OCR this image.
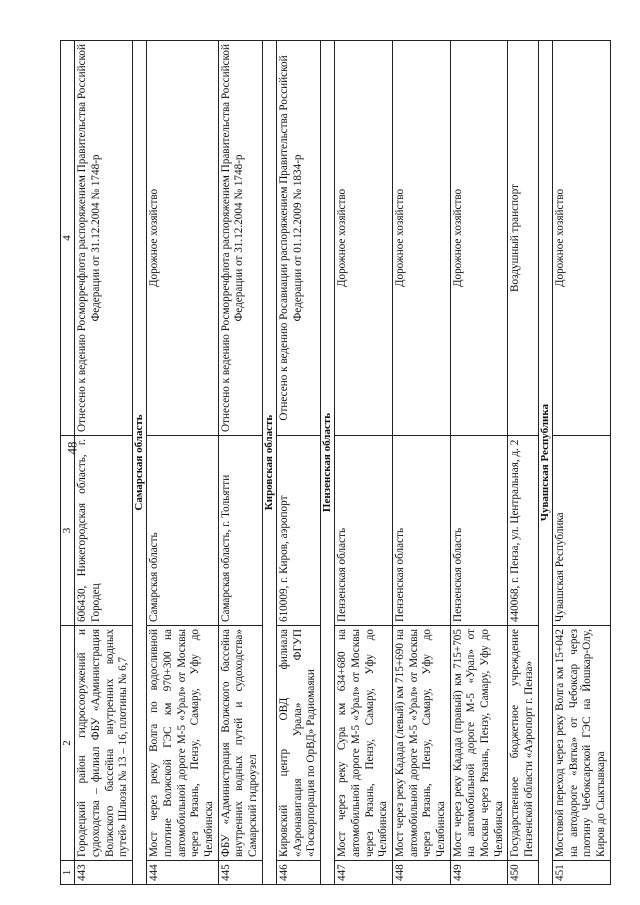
48
1	2	3	4
443	Городецкий район гидросооружений и судоходства – филиал ФБУ «Администрация Волжского бассейна внутренних водных путей» Шлюзы № 13 – 16, плотины № 6,7	606430, Нижегородская область, г. Городец	Отнесено к ведению Росморречфлота распоряжением Правительства Российской Федерации от 31.12.2004 № 1748-р
Самарская область			
444	Мост через реку Волга по водосливной плотине Волжской ГЭС км 970+300 на автомобильной дороге М-5 «Урал» от Москвы через Рязань, Пензу, Самару, Уфу до Челябинска	Самарская область	Дорожное хозяйство
445	ФБУ «Администрация Волжского бассейна внутренних водных путей и судоходства» Самарский гидроузел	Самарская область, г. Тольятти	Отнесено к ведению Росморречфлота распоряжением Правительства Российской Федерации от 31.12.2004 № 1748-р
Кировская область			
446	Кировский центр ОВД филиала «Аэронавигация Урала» ФГУП «Госкорпорация по ОрВД» Радиомаяки	610009, г. Киров, аэропорт	Отнесено к ведению Росавиации распоряжением Правительства Российской Федерации от 01.12.2009 № 1834-р
Пензенская область			
447	Мост через реку Сура км 634+680 на автомобильной дороге М-5 «Урал» от Москвы через Рязань, Пензу, Самару, Уфу до Челябинска	Пензенская область	Дорожное хозяйство
448	Мост через реку Кадада (левый) км 715+690 на автомобильной дороге М-5 «Урал» от Москвы через Рязань, Пензу, Самару, Уфу до Челябинска	Пензенская область	Дорожное хозяйство
449	Мост через реку Кадада (правый) км 715+705 на автомобильной дороге М-5 «Урал» от Москвы через Рязань, Пензу, Самару, Уфу до Челябинска	Пензенская область	Дорожное хозяйство
450	Государственное бюджетное учреждение Пензенской области «Аэропорт г. Пенза»	440068, г. Пенза, ул. Центральная, д. 2	Воздушный транспорт
Чувашская Республика			
451	Мостовой переход через реку Волга км 15+042 на автодороге «Вятка» от Чебоксар через плотину Чебоксарской ГЭС на Йошкар-Олу, Киров до Сыктывкара	Чувашская Республика	Дорожное хозяйство
